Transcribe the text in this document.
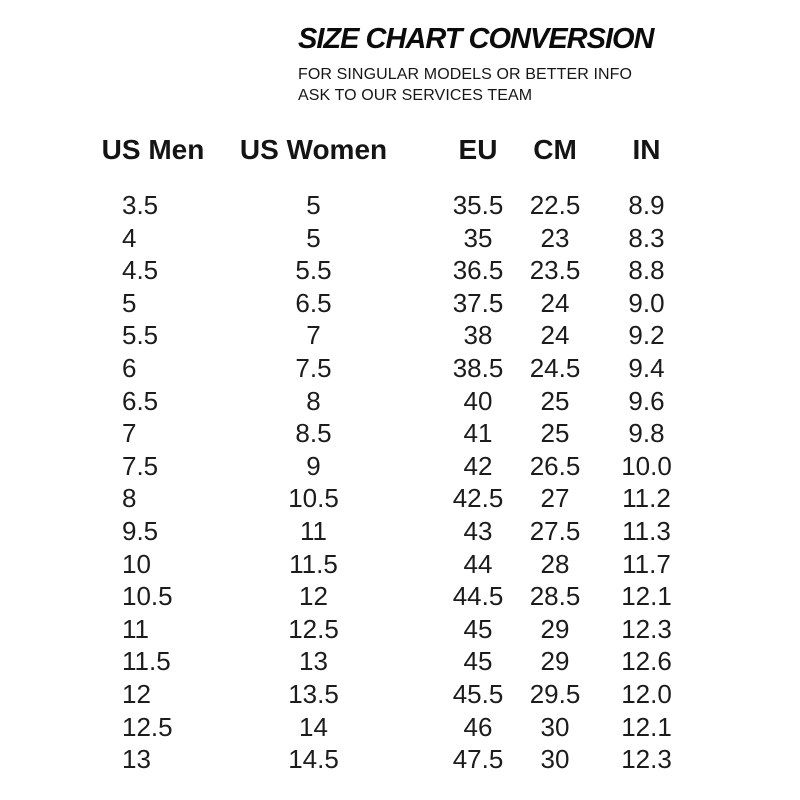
SIZE CHART CONVERSION

FOR SINGULAR MODELS OR BETTER INFO
ASK TO OUR SERVICES TEAM

US Men	US Women	EU	CM	IN
3.5	5	35.5	22.5	8.9
4	5	35	23	8.3
4.5	5.5	36.5	23.5	8.8
5	6.5	37.5	24	9.0
5.5	7	38	24	9.2
6	7.5	38.5	24.5	9.4
6.5	8	40	25	9.6
7	8.5	41	25	9.8
7.5	9	42	26.5	10.0
8	10.5	42.5	27	11.2
9.5	11	43	27.5	11.3
10	11.5	44	28	11.7
10.5	12	44.5	28.5	12.1
11	12.5	45	29	12.3
11.5	13	45	29	12.6
12	13.5	45.5	29.5	12.0
12.5	14	46	30	12.1
13	14.5	47.5	30	12.3
